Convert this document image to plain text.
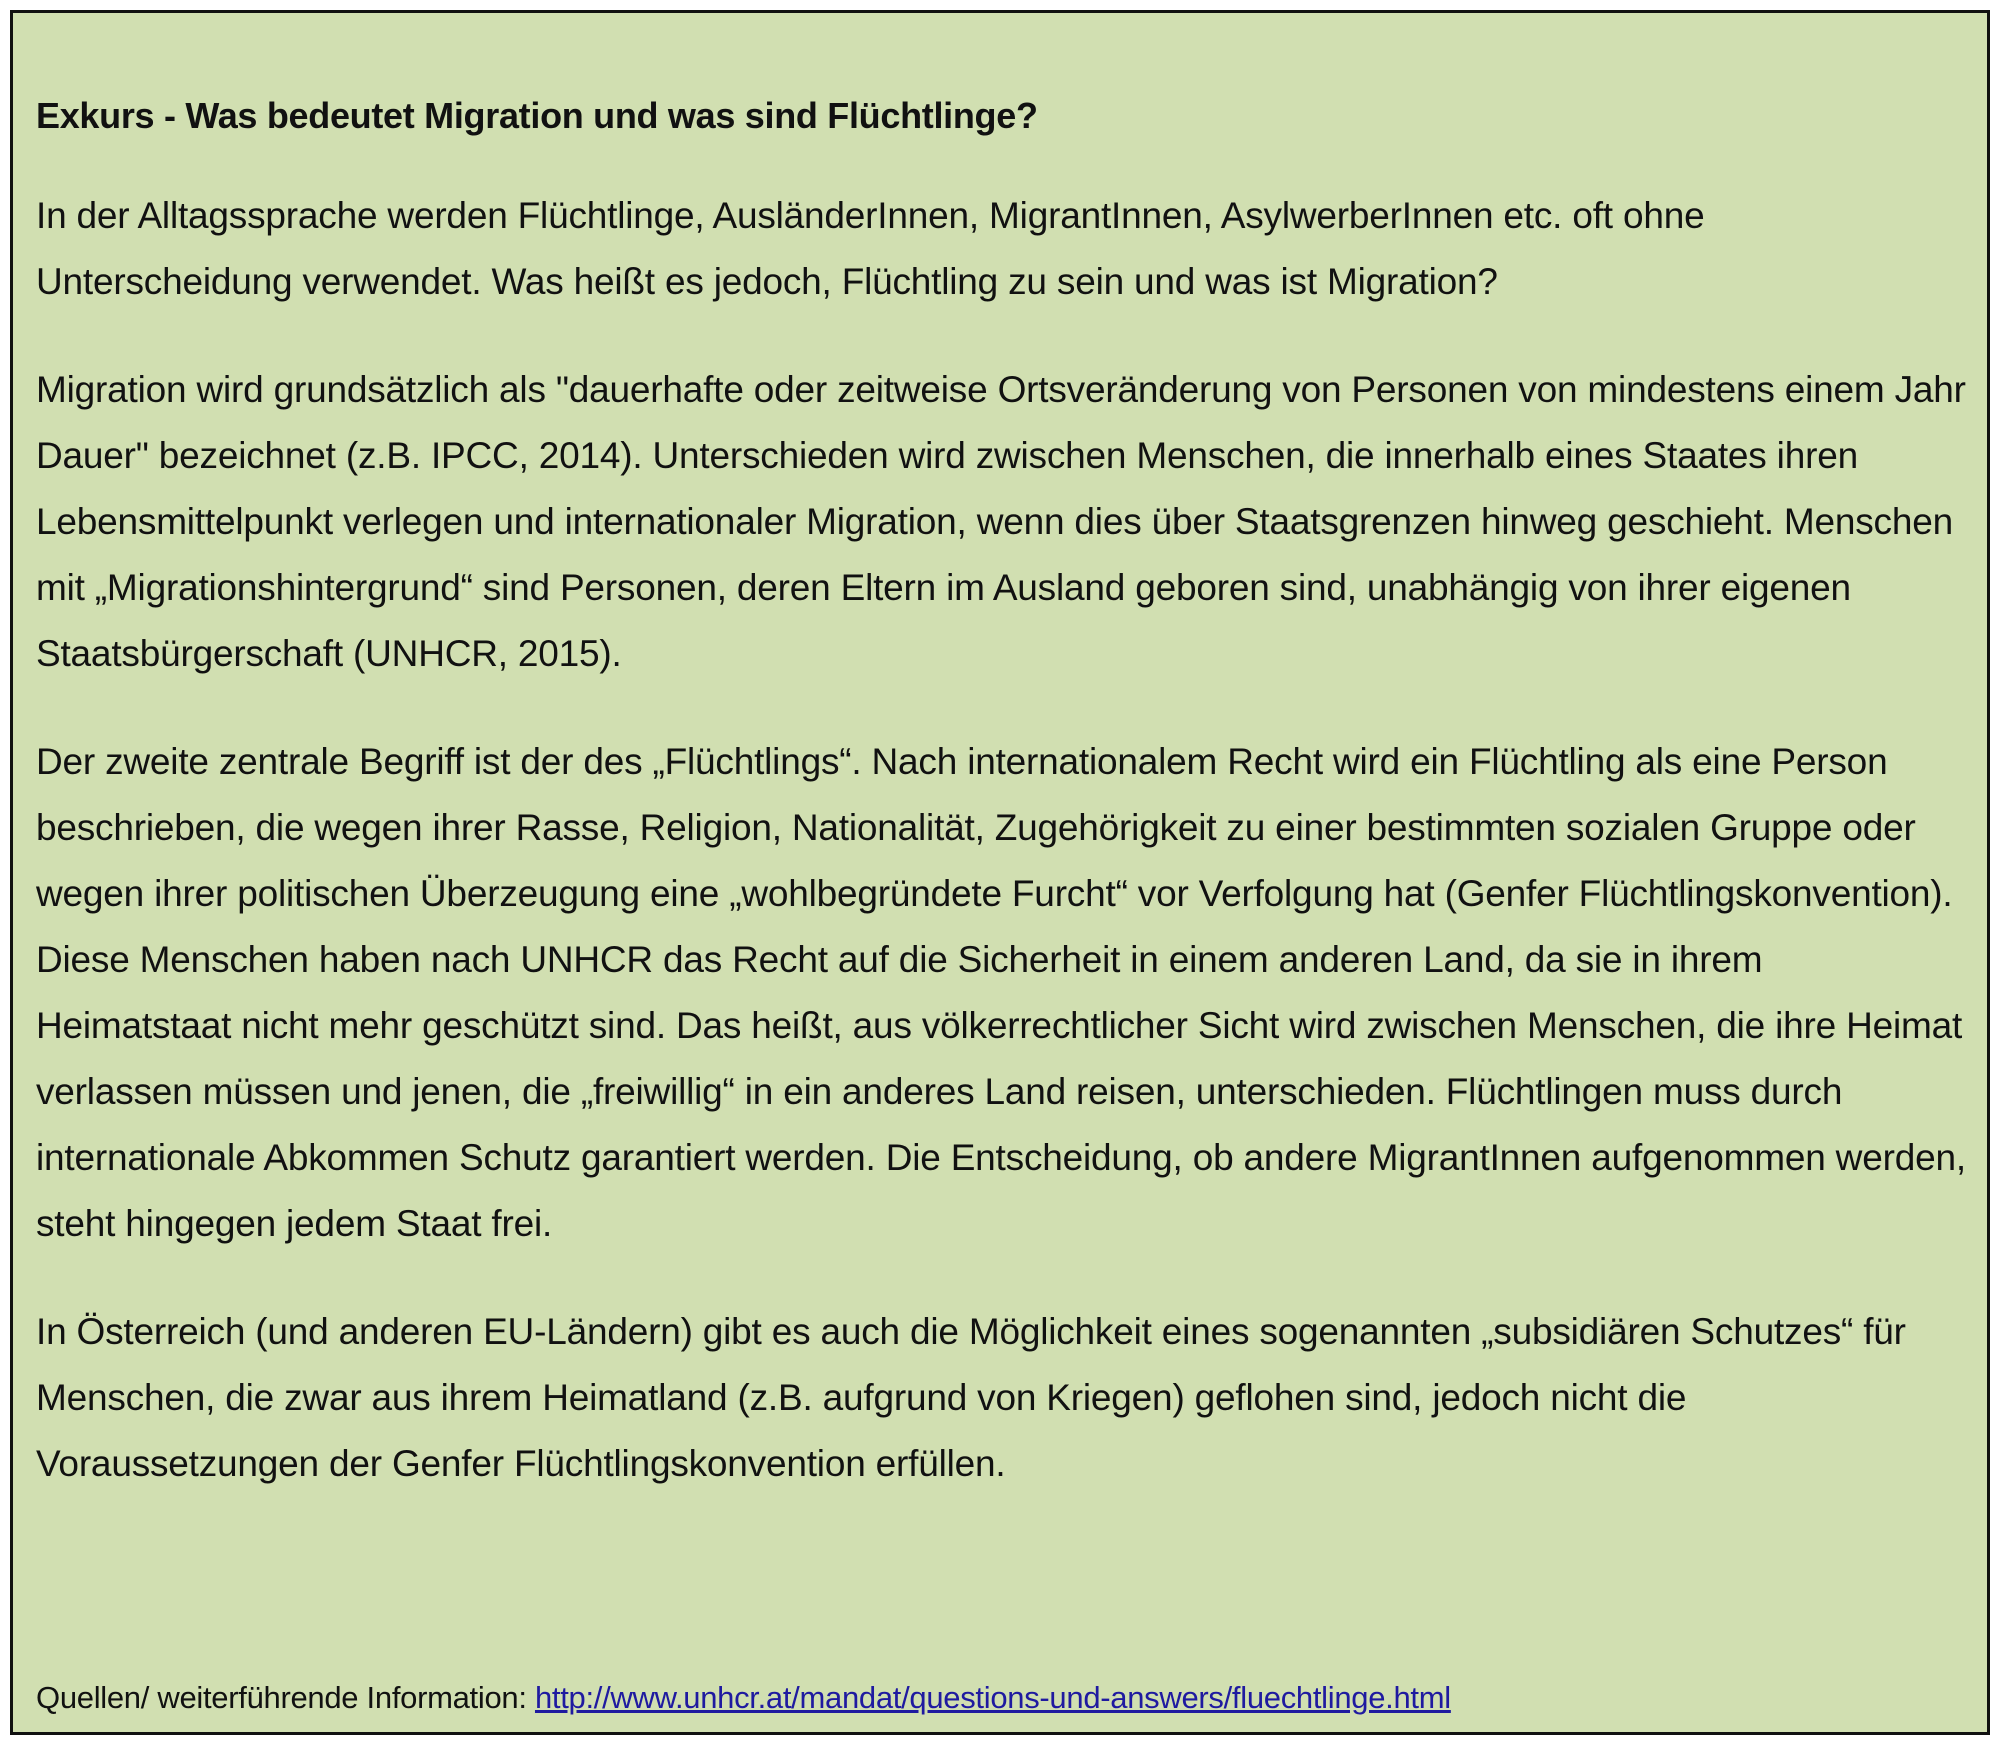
Exkurs - Was bedeutet Migration und was sind Flüchtlinge?

In der Alltagssprache werden Flüchtlinge, AusländerInnen, MigrantInnen, AsylwerberInnen etc. oft ohne Unterscheidung verwendet. Was heißt es jedoch, Flüchtling zu sein und was ist Migration?

Migration wird grundsätzlich als "dauerhafte oder zeitweise Ortsveränderung von Personen von mindestens einem Jahr Dauer" bezeichnet (z.B. IPCC, 2014). Unterschieden wird zwischen Menschen, die innerhalb eines Staates ihren Lebensmittelpunkt verlegen und internationaler Migration, wenn dies über Staatsgrenzen hinweg geschieht. Menschen mit „Migrationshintergrund“ sind Personen, deren Eltern im Ausland geboren sind, unabhängig von ihrer eigenen Staatsbürgerschaft (UNHCR, 2015).

Der zweite zentrale Begriff ist der des „Flüchtlings“. Nach internationalem Recht wird ein Flüchtling als eine Person beschrieben, die wegen ihrer Rasse, Religion, Nationalität, Zugehörigkeit zu einer bestimmten sozialen Gruppe oder wegen ihrer politischen Überzeugung eine „wohlbegründete Furcht“ vor Verfolgung hat (Genfer Flüchtlingskonvention). Diese Menschen haben nach UNHCR das Recht auf die Sicherheit in einem anderen Land, da sie in ihrem Heimatstaat nicht mehr geschützt sind. Das heißt, aus völkerrechtlicher Sicht wird zwischen Menschen, die ihre Heimat verlassen müssen und jenen, die „freiwillig“ in ein anderes Land reisen, unterschieden. Flüchtlingen muss durch internationale Abkommen Schutz garantiert werden. Die Entscheidung, ob andere MigrantInnen aufgenommen werden, steht hingegen jedem Staat frei.

In Österreich (und anderen EU-Ländern) gibt es auch die Möglichkeit eines sogenannten „subsidiären Schutzes“ für Menschen, die zwar aus ihrem Heimatland (z.B. aufgrund von Kriegen) geflohen sind, jedoch nicht die Voraussetzungen der Genfer Flüchtlingskonvention erfüllen.

Quellen/ weiterführende Information: http://www.unhcr.at/mandat/questions-und-answers/fluechtlinge.html
